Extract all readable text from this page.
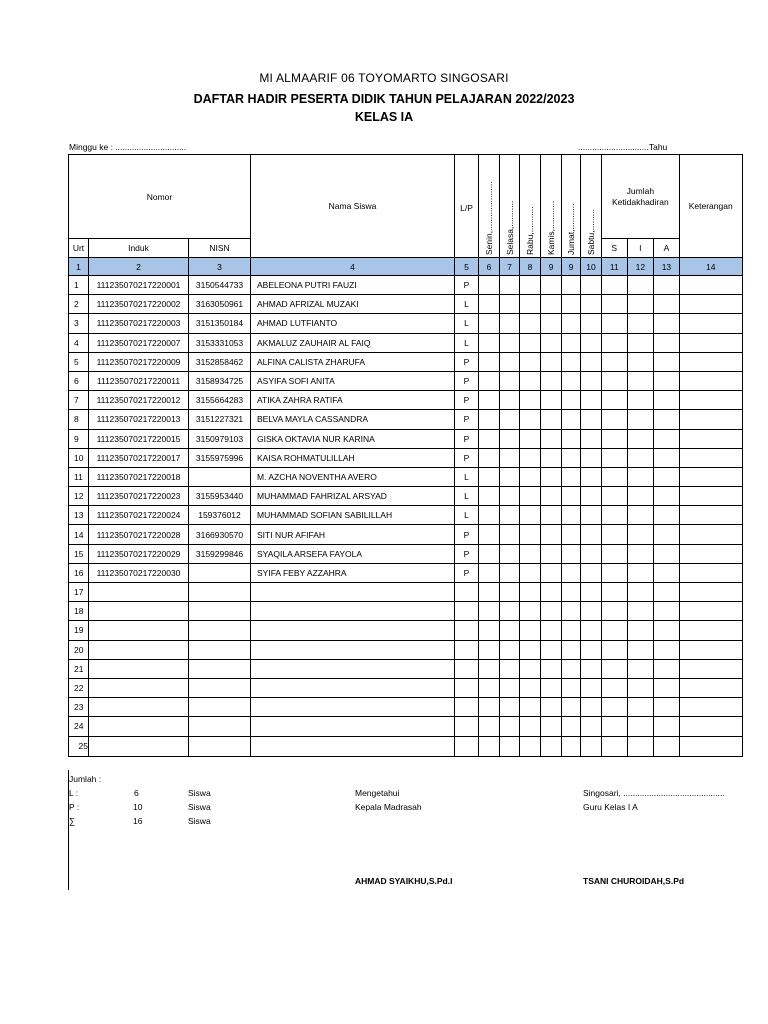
MI ALMAARIF 06 TOYOMARTO SINGOSARI
DAFTAR HADIR PESERTA DIDIK TAHUN PELAJARAN 2022/2023
KELAS IA
Minggu ke : ..............................	..............................Tahu
Nomor			Nama Siswa	L/P	Senin,.....................	Selasa,...........	Rabu,...........	Kamis,............	Jumat,...........	Sabtu,.........	Jumlah Ketidakhadiran			Keterangan
Urt	Induk	NISN									S	I	A	
1	2	3	4	5	6	7	8	9	9	10	11	12	13	14
1	111235070217220001	3150544733	ABELEONA PUTRI FAUZI	P										
2	111235070217220002	3163050961	AHMAD AFRIZAL MUZAKI	L										
3	111235070217220003	3151350184	AHMAD LUTFIANTO	L										
4	111235070217220007	3153331053	AKMALUZ ZAUHAIR AL FAIQ	L										
5	111235070217220009	3152858462	ALFINA CALISTA ZHARUFA	P										
6	111235070217220011	3158934725	ASYIFA SOFI ANITA	P										
7	111235070217220012	3155664283	ATIKA ZAHRA RATIFA	P										
8	111235070217220013	3151227321	BELVA MAYLA CASSANDRA	P										
9	111235070217220015	3150979103	GISKA OKTAVIA NUR KARINA	P										
10	111235070217220017	3155975996	KAISA ROHMATULILLAH	P										
11	111235070217220018		M. AZCHA NOVENTHA AVERO	L										
12	111235070217220023	3155953440	MUHAMMAD FAHRIZAL ARSYAD	L										
13	111235070217220024	159376012	MUHAMMAD SOFIAN SABILILLAH	L										
14	111235070217220028	3166930570	SITI NUR AFIFAH	P										
15	111235070217220029	3159299846	SYAQILA ARSEFA FAYOLA	P										
16	111235070217220030		SYIFA FEBY AZZAHRA	P										
17														
18														
19														
20														
21														
22														
23														
24														
25														
Jumlah :
L :	6	Siswa
P :	10	Siswa
∑	16	Siswa
Mengetahui
Kepala Madrasah
AHMAD SYAIKHU,S.Pd.I
Singosari, ...........................................
Guru Kelas I A
TSANI CHUROIDAH,S.Pd
